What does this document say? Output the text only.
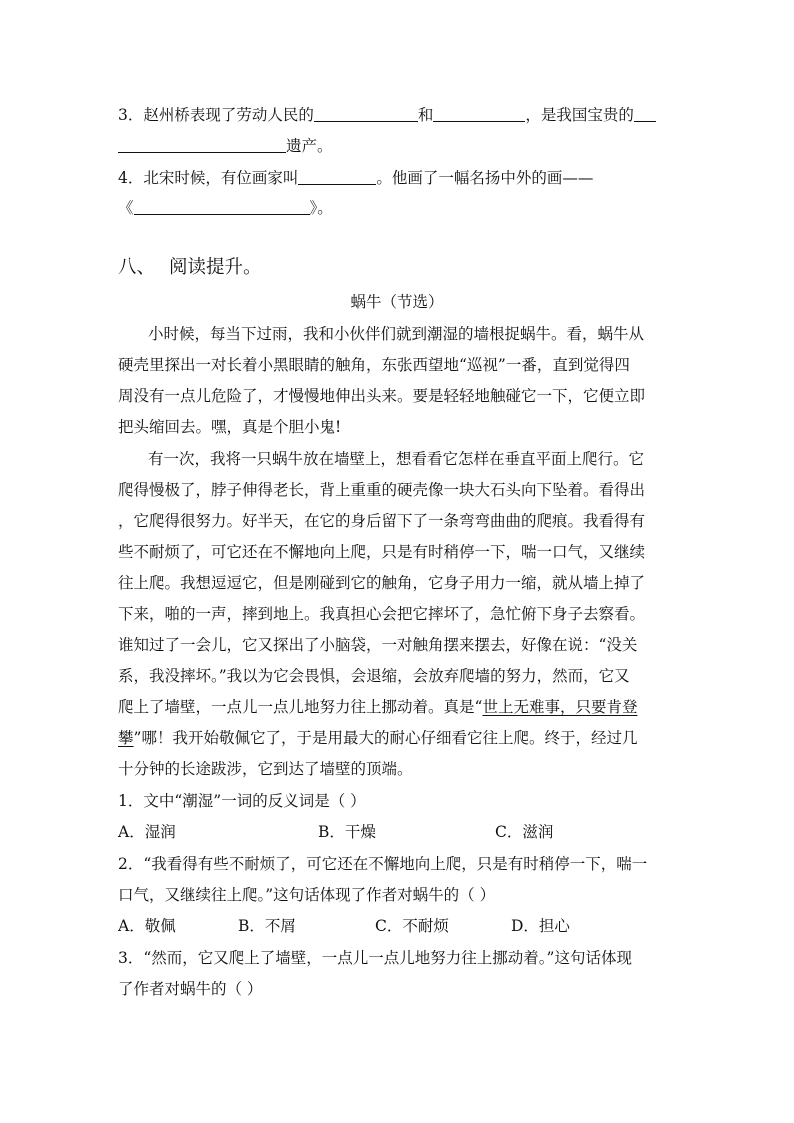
3．赵州桥表现了劳动人民的	和	，是我国宝贵的
遗产。
4．北宋时候，有位画家叫	。他画了一幅名扬中外的画——
《	》。
八、 阅读提升。
蜗牛（节选）
小时候，每当下过雨，我和小伙伴们就到潮湿的墙根捉蜗牛。看，蜗牛从
硬壳里探出一对长着小黑眼睛的触角，东张西望地“巡视”一番，直到觉得四
周没有一点儿危险了，才慢慢地伸出头来。要是轻轻地触碰它一下，它便立即
把头缩回去。嘿，真是个胆小鬼!
有一次，我将一只蜗牛放在墙壁上，想看看它怎样在垂直平面上爬行。它
爬得慢极了，脖子伸得老长，背上重重的硬壳像一块大石头向下坠着。看得出
，它爬得很努力。好半天，在它的身后留下了一条弯弯曲曲的爬痕。我看得有
些不耐烦了，可它还在不懈地向上爬，只是有时稍停一下，喘一口气，又继续
往上爬。我想逗逗它，但是刚碰到它的触角，它身子用力一缩，就从墙上掉了
下来，啪的一声，摔到地上。我真担心会把它摔坏了，急忙俯下身子去察看。
谁知过了一会儿，它又探出了小脑袋，一对触角摆来摆去，好像在说：“没关
系，我没摔坏。”我以为它会畏惧，会退缩，会放弃爬墙的努力，然而，它又
爬上了墙壁，一点儿一点儿地努力往上挪动着。真是“世上无难事，只要肯登
攀”哪！我开始敬佩它了，于是用最大的耐心仔细看它往上爬。终于，经过几
十分钟的长途跋涉，它到达了墙壁的顶端。
1．文中“潮湿”一词的反义词是（ ）
A．湿润	B．干燥	C．滋润
2．“我看得有些不耐烦了，可它还在不懈地向上爬，只是有时稍停一下，喘一
口气，又继续往上爬。”这句话体现了作者对蜗牛的（ ）
A．敬佩	B．不屑	C．不耐烦	D．担心
3．“然而，它又爬上了墙壁，一点儿一点儿地努力往上挪动着。”这句话体现
了作者对蜗牛的（ ）
